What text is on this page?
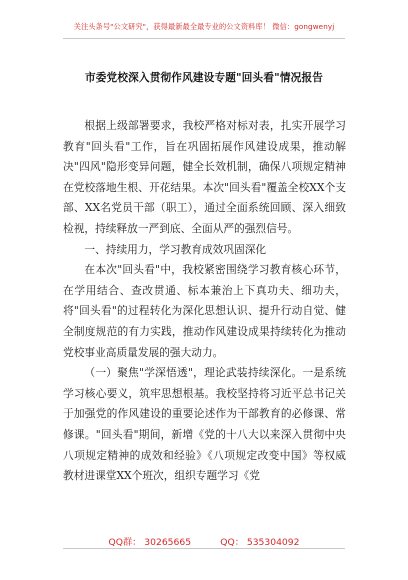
关注头条号"公文研究"，获得最新最全最专业的公文资料库！ 微信：gongwenyj
市委党校深入贯彻作风建设专题"回头看"情况报告

根据上级部署要求，我校严格对标对表，扎实开展学习教育"回头看"工作，旨在巩固拓展作风建设成果，推动解决"四风"隐形变异问题，健全长效机制，确保八项规定精神在党校落地生根、开花结果。本次"回头看"覆盖全校XX个支部、XX名党员干部（职工），通过全面系统回顾、深入细致检视，持续释放一严到底、全面从严的强烈信号。

一、持续用力，学习教育成效巩固深化

在本次"回头看"中，我校紧密围绕学习教育核心环节，在学用结合、查改贯通、标本兼治上下真功夫、细功夫，将"回头看"的过程转化为深化思想认识、提升行动自觉、健全制度规范的有力实践，推动作风建设成果持续转化为推动党校事业高质量发展的强大动力。

（一）聚焦"学深悟透"，理论武装持续深化。一是系统学习核心要义，筑牢思想根基。我校坚持将习近平总书记关于加强党的作风建设的重要论述作为干部教育的必修课、常修课。"回头看"期间，新增《党的十八大以来深入贯彻中央八项规定精神的成效和经验》《八项规定改变中国》等权威教材进课堂XX个班次，组织专题学习《党

QQ群： 30265665	QQ： 535304092
